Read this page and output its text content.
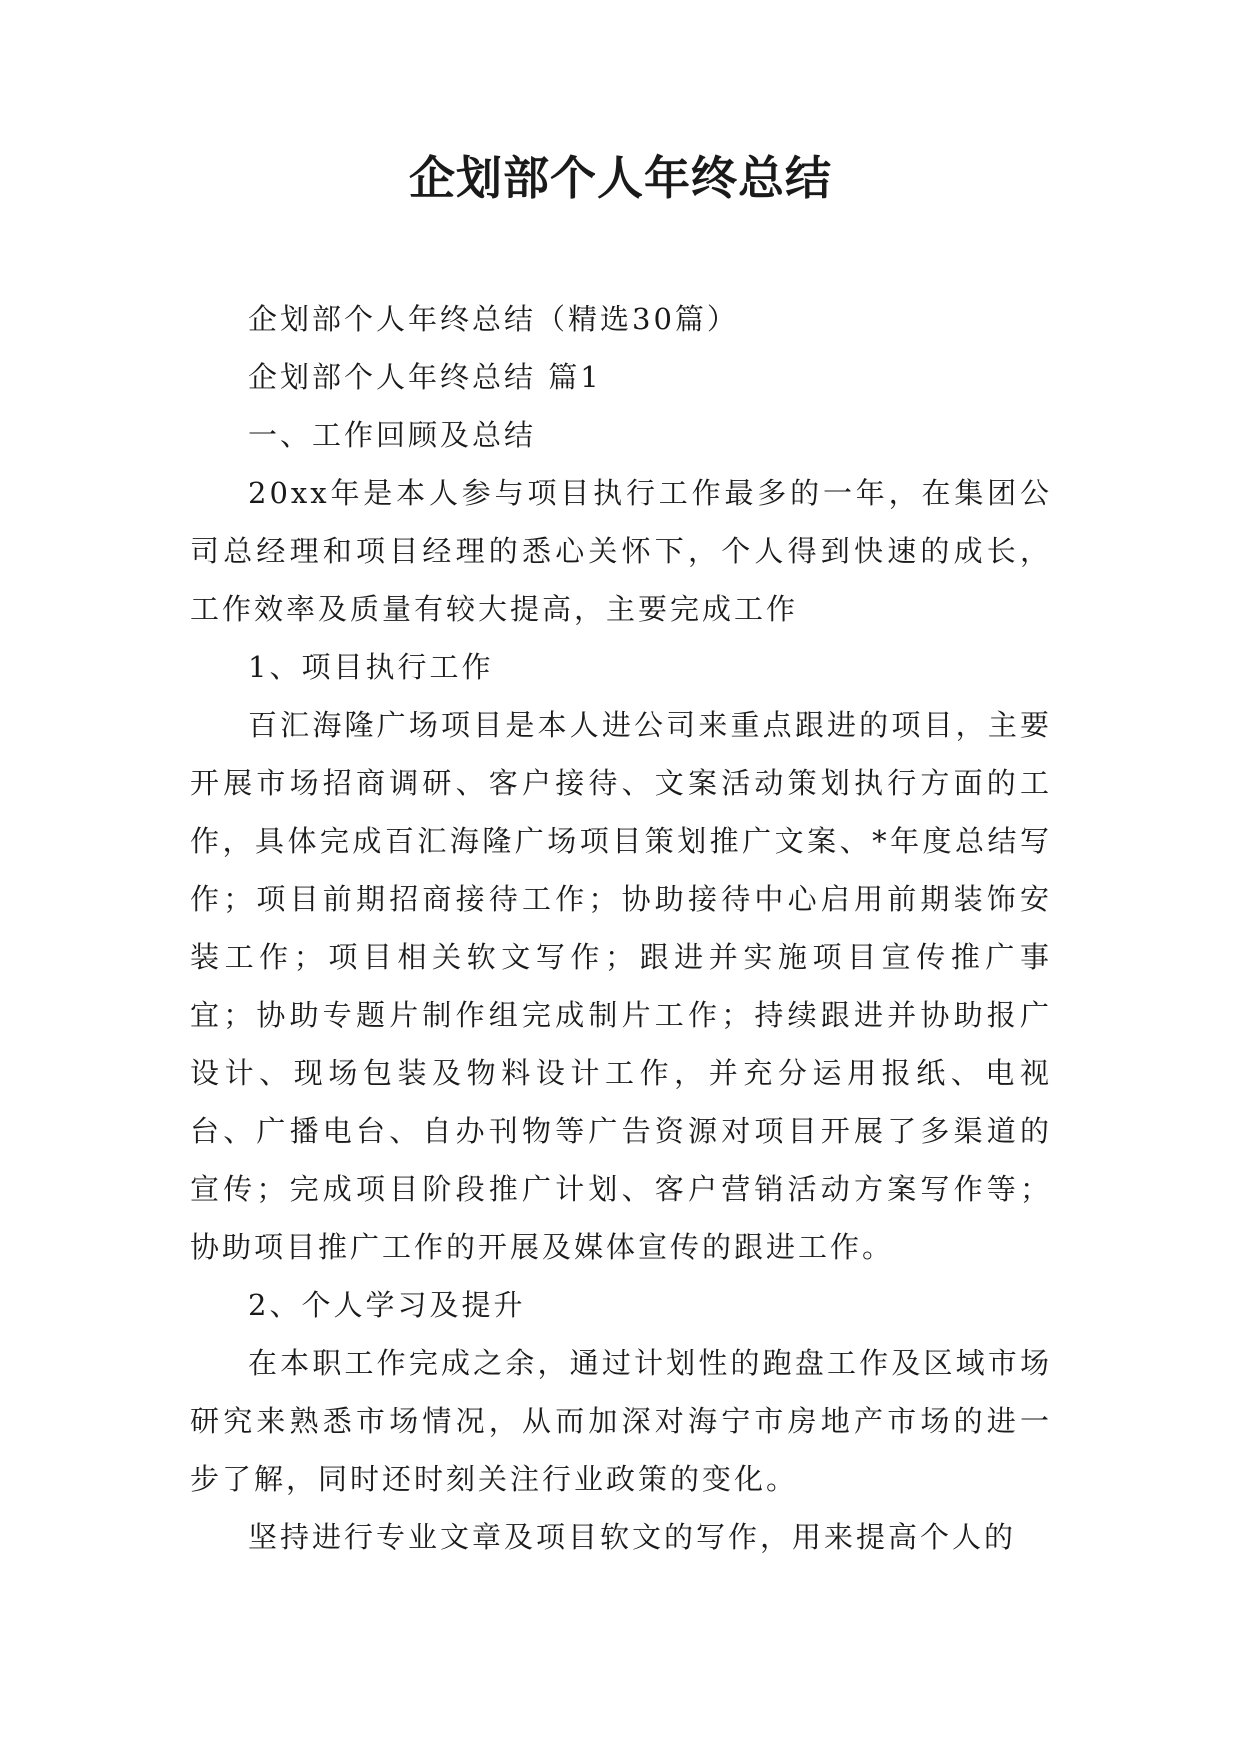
企划部个人年终总结

企划部个人年终总结（精选30篇）

企划部个人年终总结 篇1

一、工作回顾及总结

20xx年是本人参与项目执行工作最多的一年，在集团公司总经理和项目经理的悉心关怀下，个人得到快速的成长，工作效率及质量有较大提高，主要完成工作

1、项目执行工作

百汇海隆广场项目是本人进公司来重点跟进的项目，主要开展市场招商调研、客户接待、文案活动策划执行方面的工作，具体完成百汇海隆广场项目策划推广文案、*年度总结写作；项目前期招商接待工作；协助接待中心启用前期装饰安装工作；项目相关软文写作；跟进并实施项目宣传推广事宜；协助专题片制作组完成制片工作；持续跟进并协助报广设计、现场包装及物料设计工作，并充分运用报纸、电视台、广播电台、自办刊物等广告资源对项目开展了多渠道的宣传；完成项目阶段推广计划、客户营销活动方案写作等；协助项目推广工作的开展及媒体宣传的跟进工作。

2、个人学习及提升

在本职工作完成之余，通过计划性的跑盘工作及区域市场研究来熟悉市场情况，从而加深对海宁市房地产市场的进一步了解，同时还时刻关注行业政策的变化。

坚持进行专业文章及项目软文的写作，用来提高个人的
